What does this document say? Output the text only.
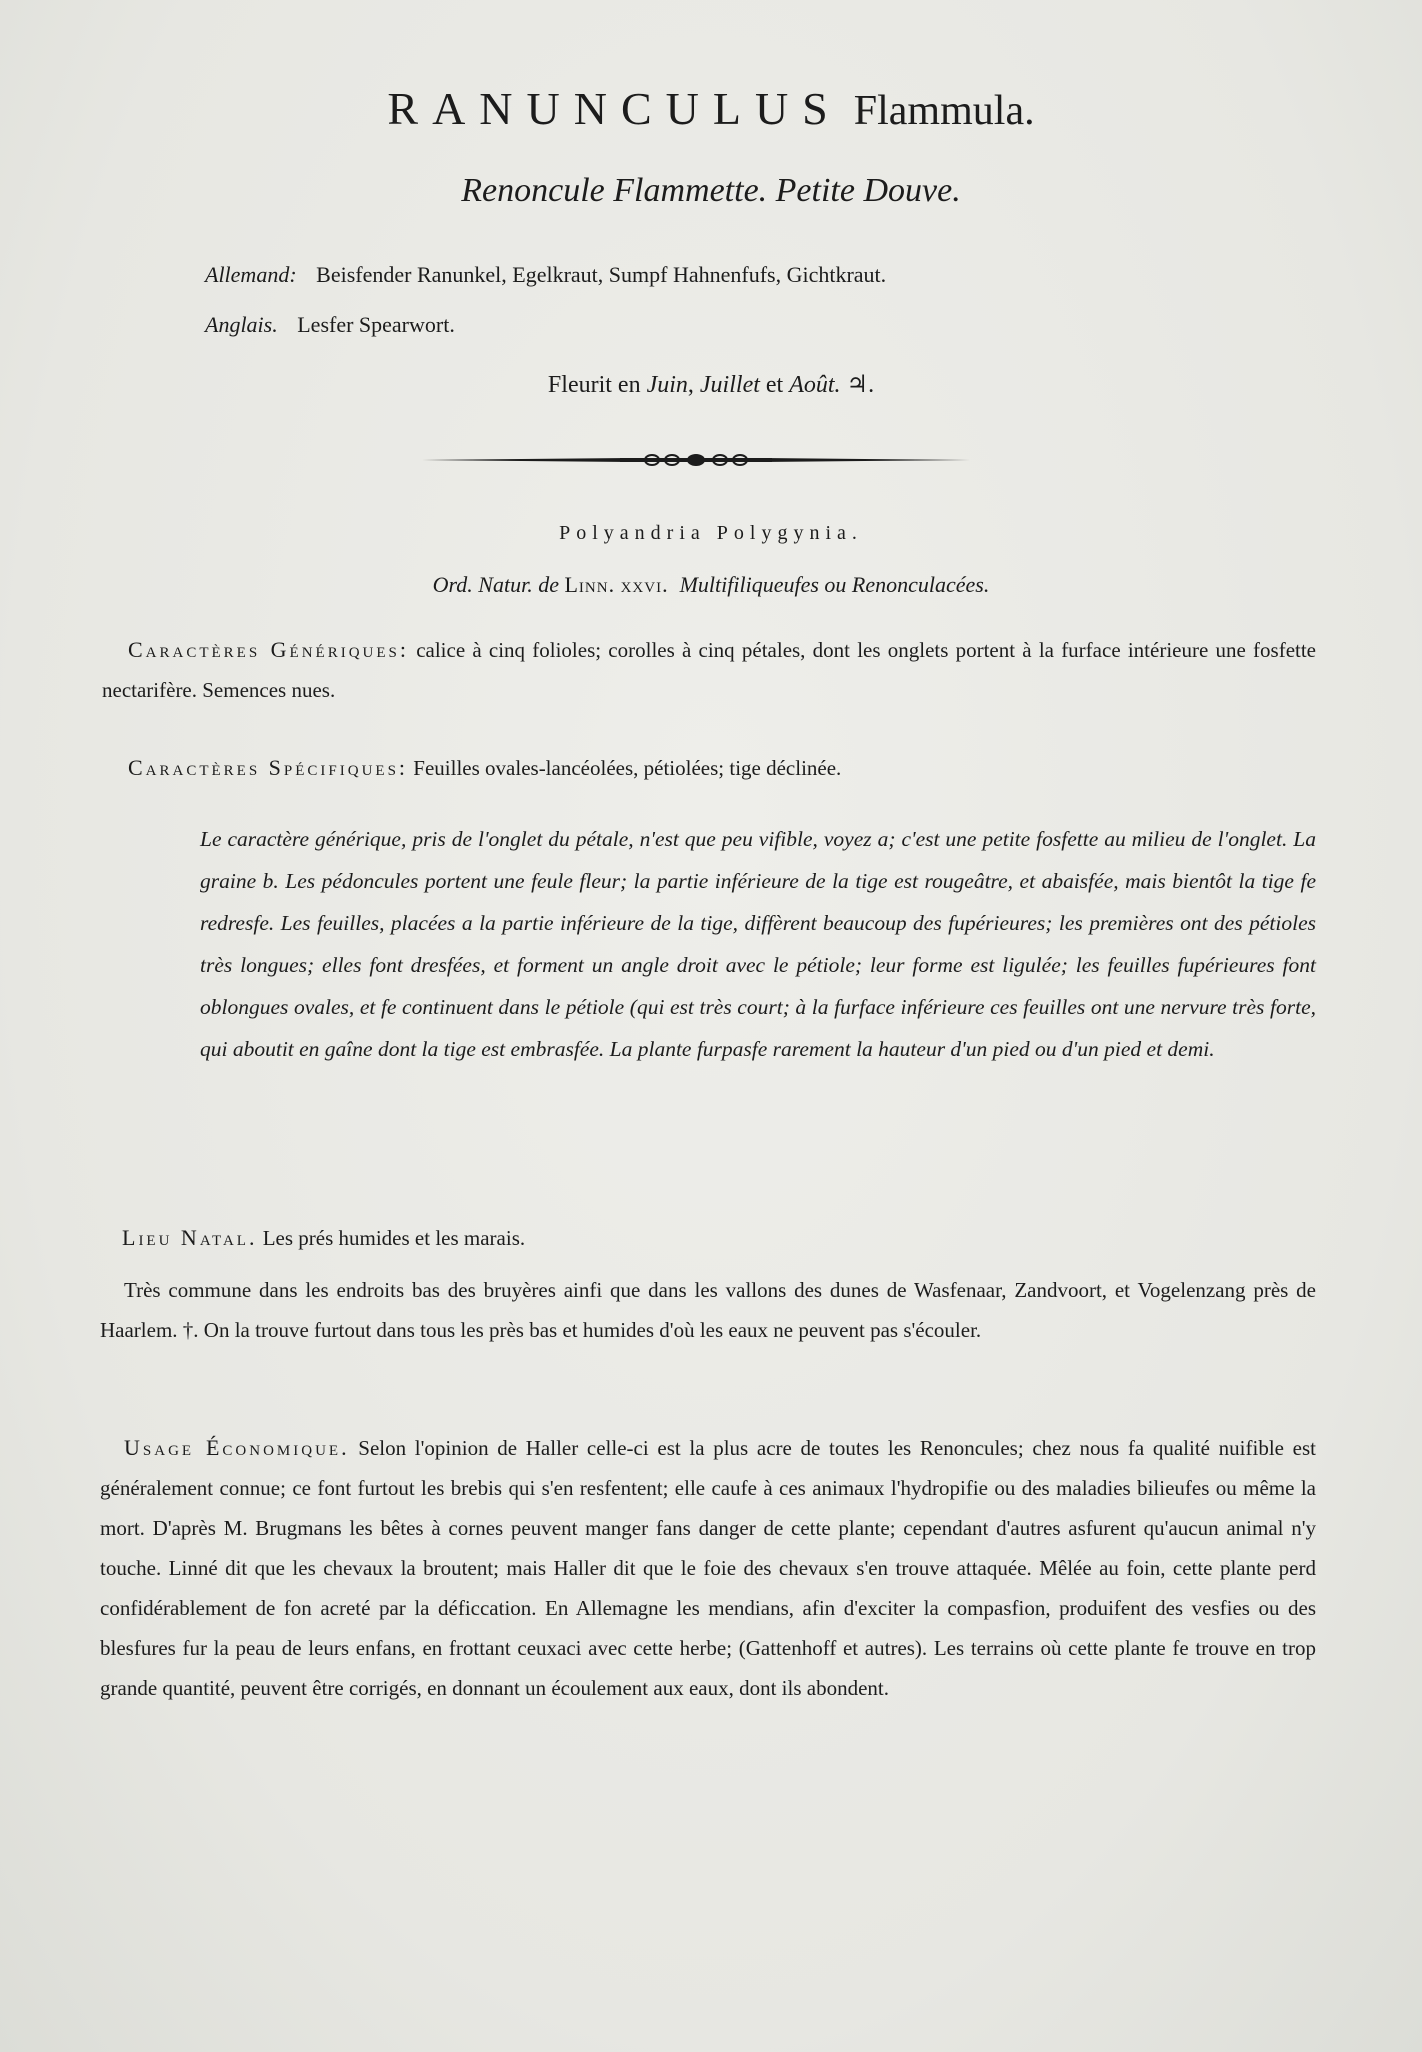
RANUNCULUS Flammula.
Renoncule Flammette. Petite Douve.
Allemand: Beisfender Ranunkel, Egelkraut, Sumpf Hahnenfufs, Gichtkraut.
Anglais. Lesfer Spearwort.
Fleurit en Juin, Juillet et Août. ♃.
Polyandria Polygynia.
Ord. Natur. de Linn. xxvi. Multifiliqueufes ou Renonculacées.
Caractères Génériques: calice à cinq folioles; corolles à cinq pétales, dont les onglets portent à la furface intérieure une fosfette nectarifère. Semences nues.
Caractères Spécifiques: Feuilles ovales-lancéolées, pétiolées; tige déclinée.
Le caractère générique, pris de l'onglet du pétale, n'est que peu vifible, voyez a; c'est une petite fosfette au milieu de l'onglet. La graine b. Les pédoncules portent une feule fleur; la partie inférieure de la tige est rougeâtre, et abaisfée, mais bientôt la tige fe redresfe. Les feuilles, placées a la partie inférieure de la tige, diffèrent beaucoup des fupérieures; les premières ont des pétioles très longues; elles font dresfées, et forment un angle droit avec le pétiole; leur forme est ligulée; les feuilles fupérieures font oblongues ovales, et fe continuent dans le pétiole (qui est très court; à la furface inférieure ces feuilles ont une nervure très forte, qui aboutit en gaîne dont la tige est embrasfée. La plante furpasfe rarement la hauteur d'un pied ou d'un pied et demi.
Lieu Natal. Les prés humides et les marais.
Très commune dans les endroits bas des bruyères ainfi que dans les vallons des dunes de Wasfenaar, Zandvoort, et Vogelenzang près de Haarlem. †. On la trouve furtout dans tous les près bas et humides d'où les eaux ne peuvent pas s'écouler.
Usage Économique. Selon l'opinion de Haller celle-ci est la plus acre de toutes les Renoncules; chez nous fa qualité nuifible est généralement connue; ce font furtout les brebis qui s'en resfentent; elle caufe à ces animaux l'hydropifie ou des maladies bilieufes ou même la mort. D'après M. Brugmans les bêtes à cornes peuvent manger fans danger de cette plante; cependant d'autres asfurent qu'aucun animal n'y touche. Linné dit que les chevaux la broutent; mais Haller dit que le foie des chevaux s'en trouve attaquée. Mêlée au foin, cette plante perd confidérablement de fon acreté par la déficcation. En Allemagne les mendians, afin d'exciter la compasfion, produifent des vesfies ou des blesfures fur la peau de leurs enfans, en frottant ceuxaci avec cette herbe; (Gattenhoff et autres). Les terrains où cette plante fe trouve en trop grande quantité, peuvent être corrigés, en donnant un écoulement aux eaux, dont ils abondent.
